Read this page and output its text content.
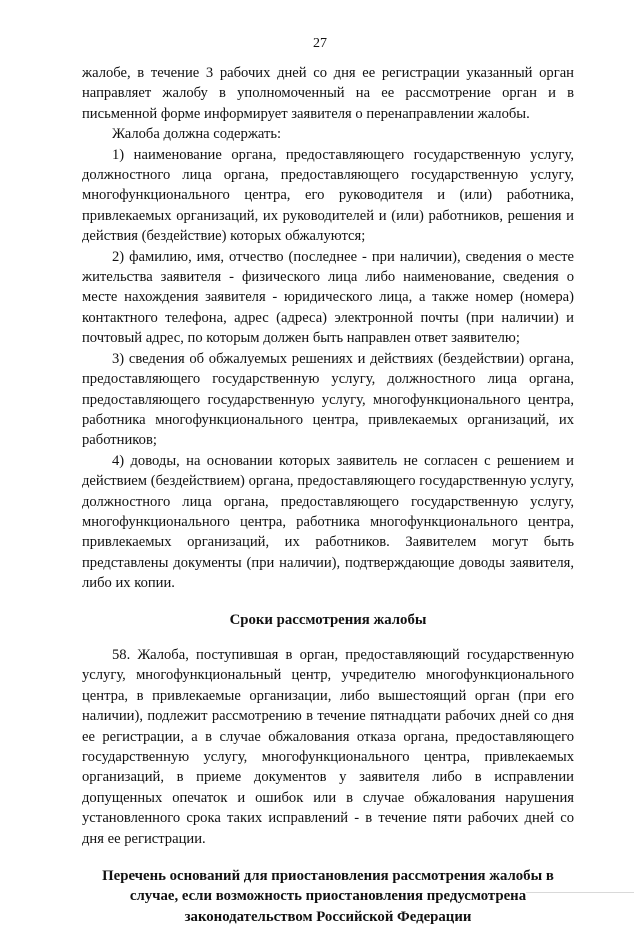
27

жалобе, в течение 3 рабочих дней со дня ее регистрации указанный орган направляет жалобу в уполномоченный на ее рассмотрение орган и в письменной форме информирует заявителя о перенаправлении жалобы.

Жалоба должна содержать:

1) наименование органа, предоставляющего государственную услугу, должностного лица органа, предоставляющего государственную услугу, многофункционального центра, его руководителя и (или) работника, привлекаемых организаций, их руководителей и (или) работников, решения и действия (бездействие) которых обжалуются;

2) фамилию, имя, отчество (последнее - при наличии), сведения о месте жительства заявителя - физического лица либо наименование, сведения о месте нахождения заявителя - юридического лица, а также номер (номера) контактного телефона, адрес (адреса) электронной почты (при наличии) и почтовый адрес, по которым должен быть направлен ответ заявителю;

3) сведения об обжалуемых решениях и действиях (бездействии) органа, предоставляющего государственную услугу, должностного лица органа, предоставляющего государственную услугу, многофункционального центра, работника многофункционального центра, привлекаемых организаций, их работников;

4) доводы, на основании которых заявитель не согласен с решением и действием (бездействием) органа, предоставляющего государственную услугу, должностного лица органа, предоставляющего государственную услугу, многофункционального центра, работника многофункционального центра, привлекаемых организаций, их работников. Заявителем могут быть представлены документы (при наличии), подтверждающие доводы заявителя, либо их копии.

Сроки рассмотрения жалобы

58. Жалоба, поступившая в орган, предоставляющий государственную услугу, многофункциональный центр, учредителю многофункционального центра, в привлекаемые организации, либо вышестоящий орган (при его наличии), подлежит рассмотрению в течение пятнадцати рабочих дней со дня ее регистрации, а в случае обжалования отказа органа, предоставляющего государственную услугу, многофункционального центра, привлекаемых организаций, в приеме документов у заявителя либо в исправлении допущенных опечаток и ошибок или в случае обжалования нарушения установленного срока таких исправлений - в течение пяти рабочих дней со дня ее регистрации.

Перечень оснований для приостановления рассмотрения жалобы в случае, если возможность приостановления предусмотрена законодательством Российской Федерации
